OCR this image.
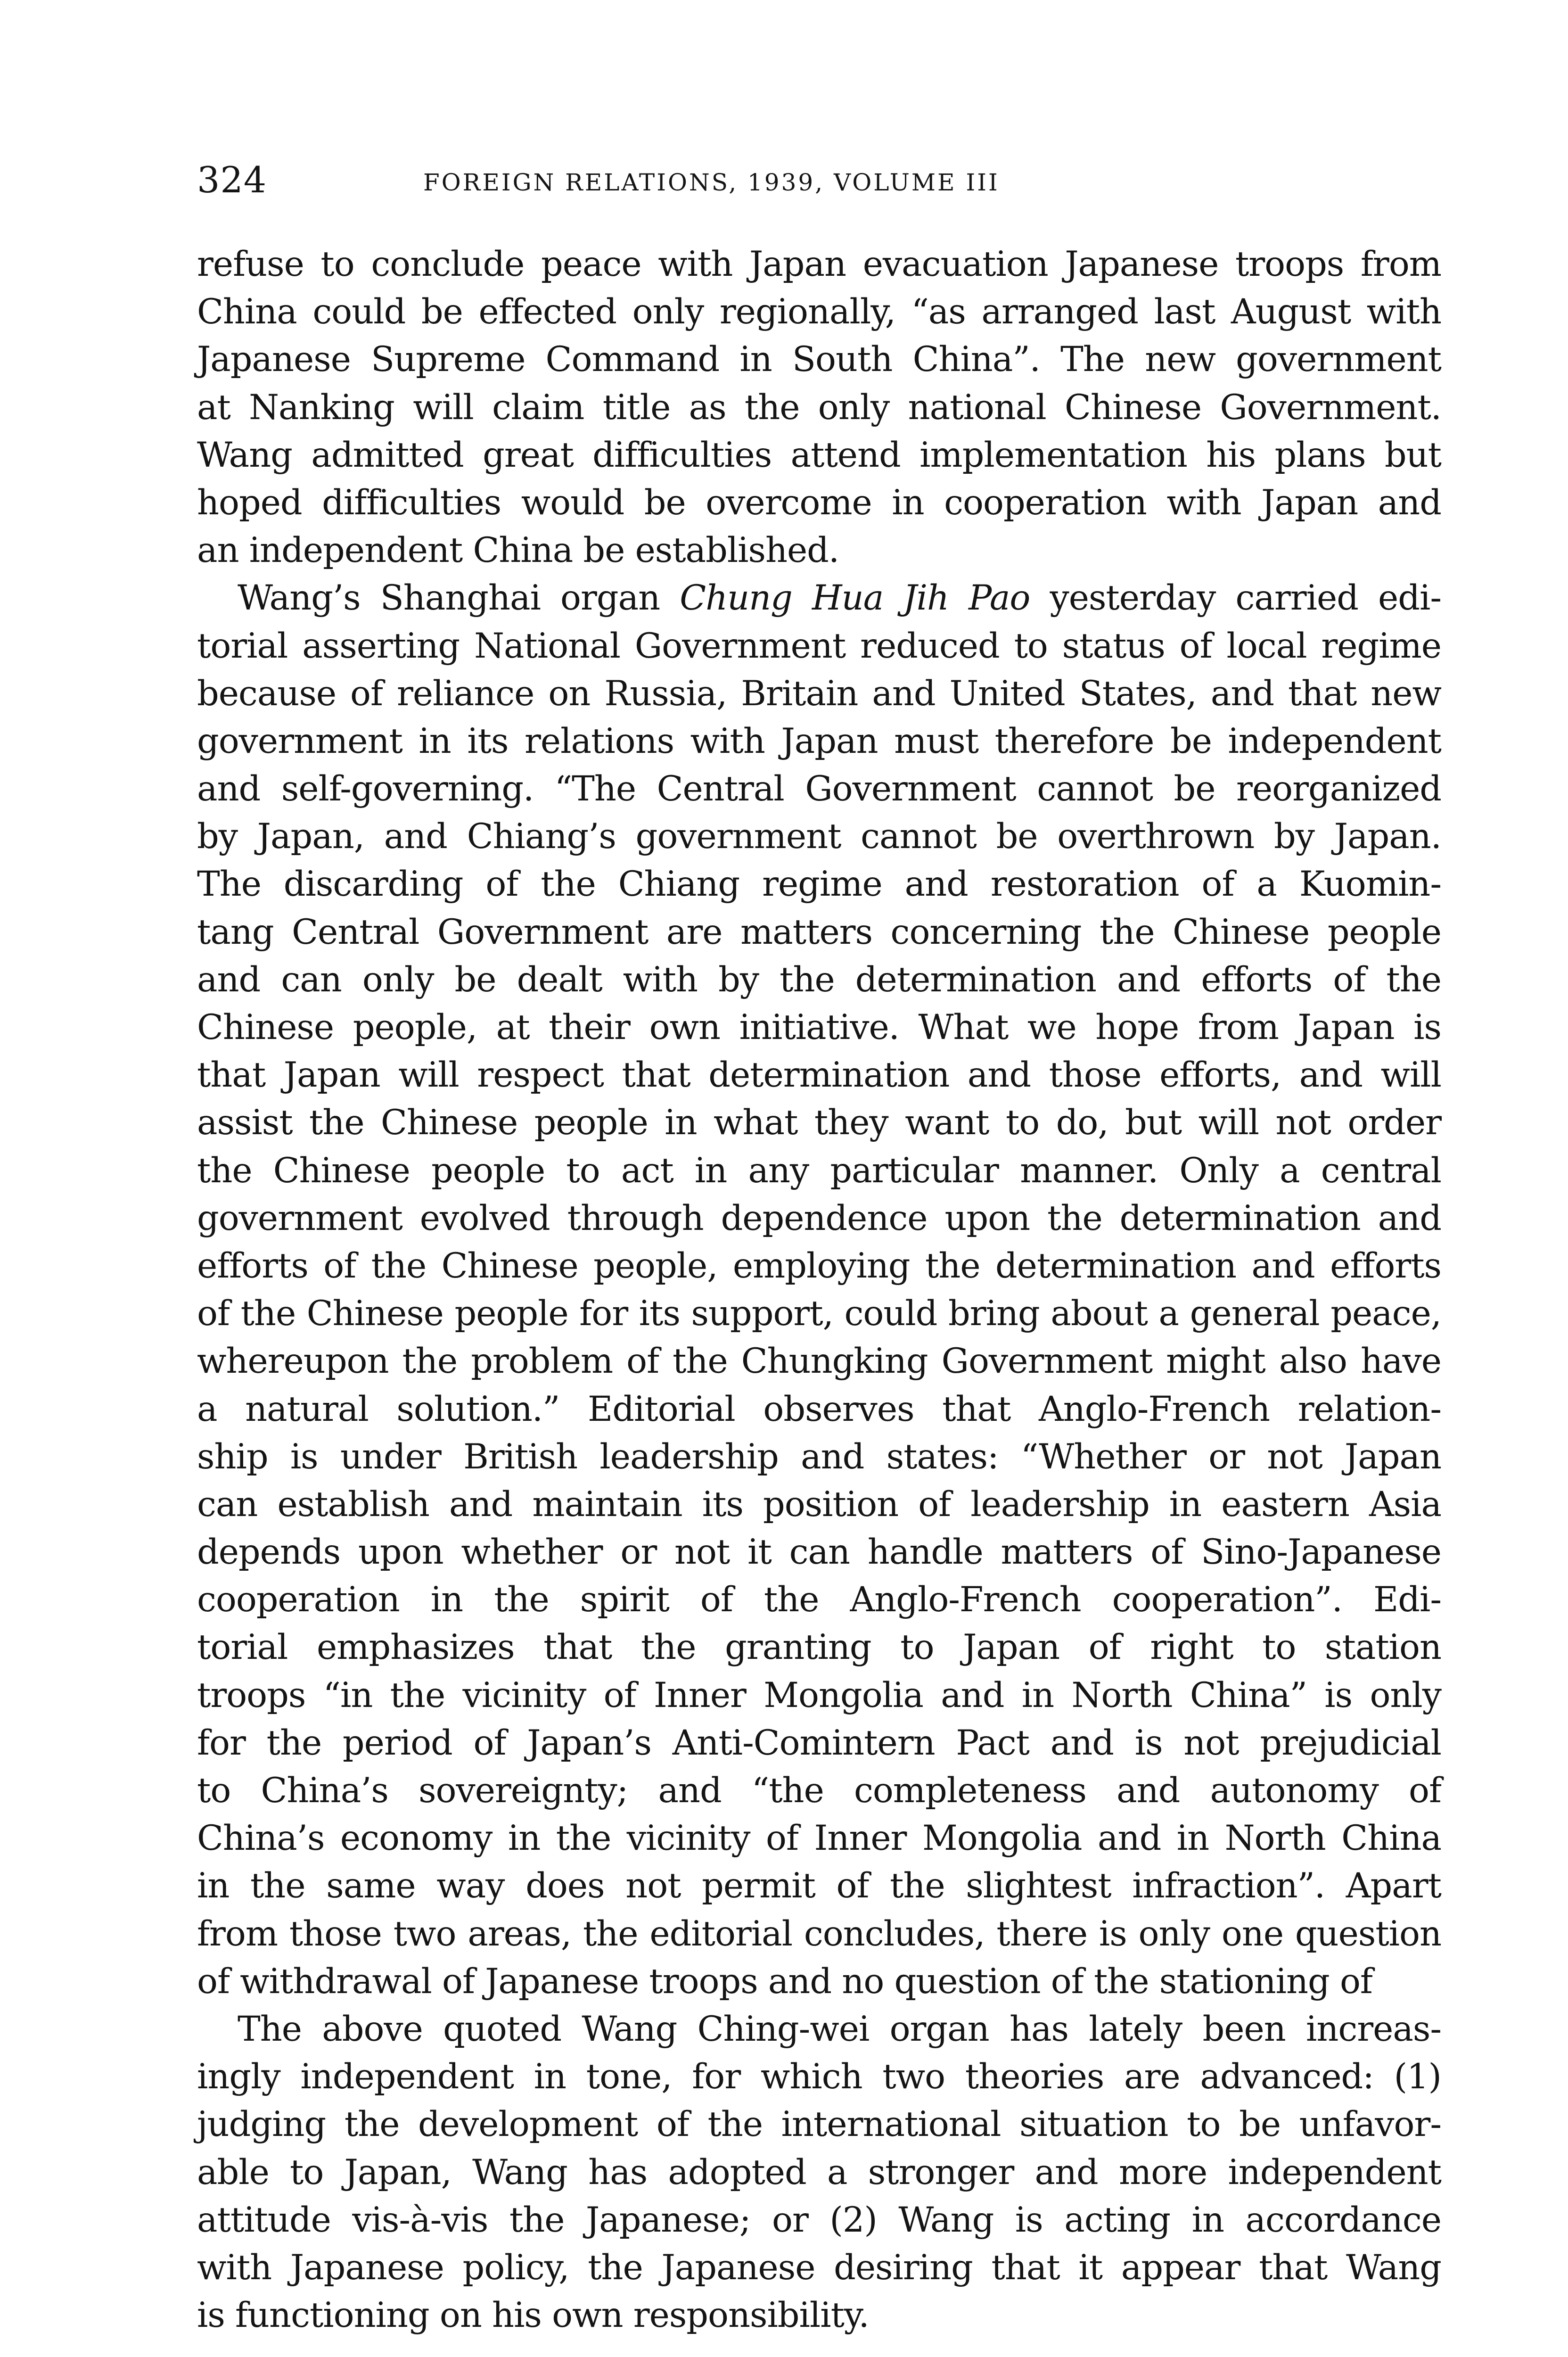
324	FOREIGN RELATIONS, 1939, VOLUME III
refuse to conclude peace with Japan evacuation Japanese troops from
China could be effected only regionally, “as arranged last August with
Japanese Supreme Command in South China”. The new government
at Nanking will claim title as the only national Chinese Government.
Wang admitted great difficulties attend implementation his plans but
hoped difficulties would be overcome in cooperation with Japan and
an independent China be established.
Wang’s Shanghai organ Chung Hua Jih Pao yesterday carried edi-
torial asserting National Government reduced to status of local regime
because of reliance on Russia, Britain and United States, and that new
government in its relations with Japan must therefore be independent
and self-governing. “The Central Government cannot be reorganized
by Japan, and Chiang’s government cannot be overthrown by Japan.
The discarding of the Chiang regime and restoration of a Kuomin-
tang Central Government are matters concerning the Chinese people
and can only be dealt with by the determination and efforts of the
Chinese people, at their own initiative. What we hope from Japan is
that Japan will respect that determination and those efforts, and will
assist the Chinese people in what they want to do, but will not order
the Chinese people to act in any particular manner. Only a central
government evolved through dependence upon the determination and
efforts of the Chinese people, employing the determination and efforts
of the Chinese people for its support, could bring about a general peace,
whereupon the problem of the Chungking Government might also have
a natural solution.” Editorial observes that Anglo-French relation-
ship is under British leadership and states: “Whether or not Japan
can establish and maintain its position of leadership in eastern Asia
depends upon whether or not it can handle matters of Sino-Japanese
cooperation in the spirit of the Anglo-French cooperation”. Edi-
torial emphasizes that the granting to Japan of right to station
troops “in the vicinity of Inner Mongolia and in North China” is only
for the period of Japan’s Anti-Comintern Pact and is not prejudicial
to China’s sovereignty; and “the completeness and autonomy of
China’s economy in the vicinity of Inner Mongolia and in North China
in the same way does not permit of the slightest infraction”. Apart
from those two areas, the editorial concludes, there is only one question
of withdrawal of Japanese troops and no question of the stationing of
The above quoted Wang Ching-wei organ has lately been increas-
ingly independent in tone, for which two theories are advanced: (1)
judging the development of the international situation to be unfavor-
able to Japan, Wang has adopted a stronger and more independent
attitude vis-à-vis the Japanese; or (2) Wang is acting in accordance
with Japanese policy, the Japanese desiring that it appear that Wang
is functioning on his own responsibility.
